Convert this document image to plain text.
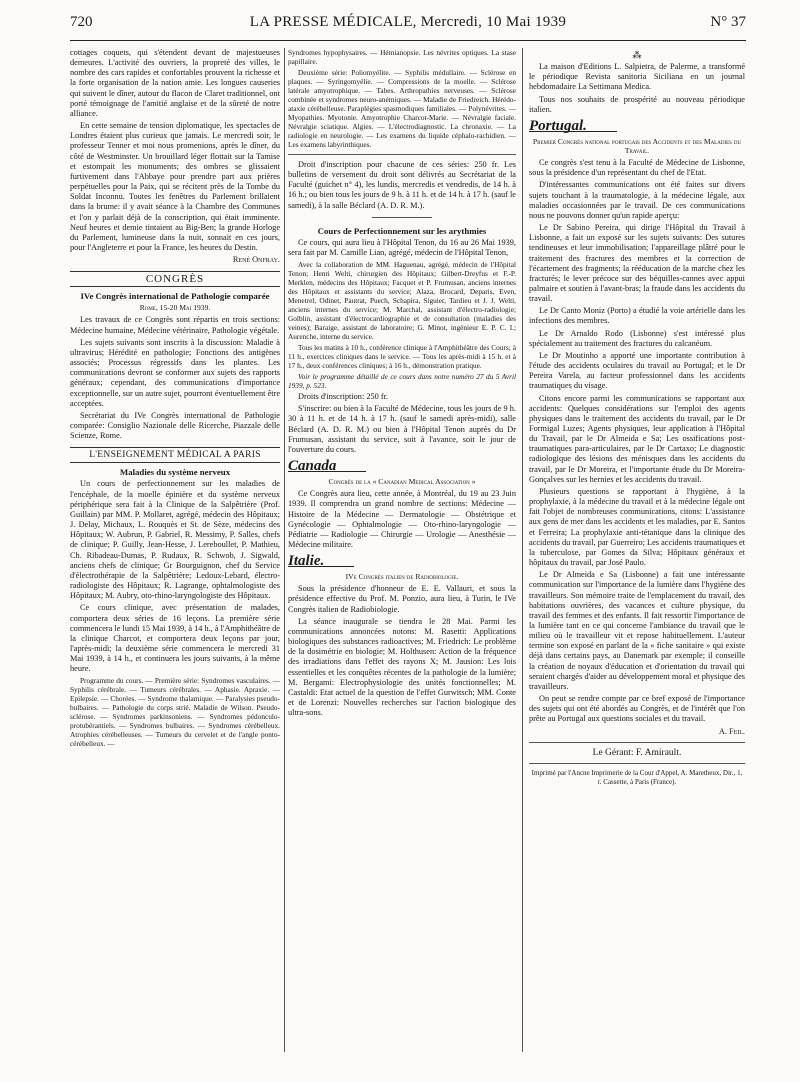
720	LA PRESSE MÉDICALE, Mercredi, 10 Mai 1939	N° 37

cottages coquets, qui s'étendent devant de majestueuses demeures. L'activité des ouvriers, la propreté des villes, le nombre des cars rapides et confortables prouvent la richesse et la forte organisation de la nation amie. Les longues causeries qui suivent le dîner, autour du flacon de Claret traditionnel, ont porté témoignage de l'amitié anglaise et de la sûreté de notre alliance.

En cette semaine de tension diplomatique, les spectacles de Londres étaient plus curieux que jamais. Le mercredi soir, le professeur Tenner et moi nous promenions, après le dîner, du côté de Westminster. Un brouillard léger flottait sur la Tamise et estompait les monuments; des ombres se glissaient furtivement dans l'Abbaye pour prendre part aux prières perpétuelles pour la Paix, qui se récitent près de la Tombe du Soldat Inconnu. Toutes les fenêtres du Parlement brillaient dans la brume: il y avait séance à la Chambre des Communes et l'on y parlait déjà de la conscription, qui était imminente. Neuf heures et demie tintaient au Big-Ben; la grande Horloge du Parlement, lumineuse dans la nuit, sonnait en ces jours, pour l'Angleterre et pour la France, les heures du Destin.

René Onfray.
CONGRÈS
IVe Congrès international de Pathologie comparée
Rome, 15-20 Mai 1939.

Les travaux de ce Congrès sont répartis en trois sections: Médecine humaine, Médecine vétérinaire, Pathologie végétale.

Les sujets suivants sont inscrits à la discussion: Maladie à ultravirus; Hérédité en pathologie; Fonctions des antigènes associés; Processus régressifs dans les plantes. Les communications devront se conformer aux sujets des rapports généraux; cependant, des communications d'importance exceptionnelle, sur un autre sujet, pourront éventuellement être acceptées.

Secrétariat du IVe Congrès international de Pathologie comparée: Consiglio Nazionale delle Ricerche, Piazzale delle Scienze, Rome.

L'ENSEIGNEMENT MÉDICAL A PARIS
Maladies du système nerveux

Un cours de perfectionnement sur les maladies de l'encéphale, de la moelle épinière et du système nerveux périphérique sera fait à la Clinique de la Salpêtrière (Prof. Guillain) par MM. P. Mollaret, agrégé, médecin des Hôpitaux; J. Delay, Michaux, L. Rouquès et St. de Sèze, médecins des Hôpitaux; W. Aubrun, P. Gabriel, R. Messimy, P. Salles, chefs de clinique; P. Guilly, Jean-Hesse, J. Lereboullet, P. Mathieu, Ch. Ribadeau-Dumas, P. Rudaux, R. Schwob, J. Sigwald, anciens chefs de clinique; Gr Bourguignon, chef du Service d'électrothérapie de la Salpêtrière; Ledoux-Lebard, électro-radiologiste des Hôpitaux; R. Lagrange, ophtalmologiste des Hôpitaux; M. Aubry, oto-rhino-laryngologiste des Hôpitaux.

Ce cours clinique, avec présentation de malades, comportera deux séries de 16 leçons. La première série commencera le lundi 15 Mai 1939, à 14 h., à l'Amphithéâtre de la clinique Charcot, et comportera deux leçons par jour, l'après-midi; la deuxième série commencera le mercredi 31 Mai 1939, à 14 h., et continuera les jours suivants, à la même heure.

Programme du cours. — Première série: Syndromes vasculaires. — Syphilis cérébrale. — Tumeurs cérébrales. — Aphasie. Apraxie. — Epilepsie. — Chorées. — Syndrome thalamique. — Paralysies pseudo-bulbaires. — Pathologie du corps strié. Maladie de Wilson. Pseudo-sclérose. — Syndromes parkinsoniens. — Syndromes pédonculo-protubérantiels. — Syndromes bulbaires. — Syndromes cérébelleux. Atrophies cérébelleuses. — Tumeurs du cervelet et de l'angle ponto-cérébelleux. —

Syndromes hypophysaires. — Hémianopsie. Les névrites optiques. La stase papillaire.

Deuxième série: Poliomyélite. — Syphilis médullaire. — Sclérose en plaques. — Syringomyélie. — Compressions de la moelle. — Sclérose latérale amyotrophique. — Tabes. Arthropathies nerveuses. — Sclérose combinée et syndromes neuro-anémiques. — Maladie de Friedreich. Hérédo-ataxie cérébelleuse. Paraplégies spasmodiques familiales. — Polynévrites. — Myopathies. Myotonie. Amyotrophie Charcot-Marie. — Névralgie faciale. Névralgie sciatique. Algies. — L'électrodiagnostic. La chronaxie. — La radiologie en neurologie. — Les examens du liquide céphalo-rachidien. — Les examens labyrinthiques.

Droit d'inscription pour chacune de ces séries: 250 fr. Les bulletins de versement du droit sont délivrés au Secrétariat de la Faculté (guichet n° 4), les lundis, mercredis et vendredis, de 14 h. à 16 h.; ou bien tous les jours de 9 h. à 11 h. et de 14 h. à 17 h. (sauf le samedi), à la salle Béclard (A. D. R. M.).

Cours de Perfectionnement sur les arythmies

Ce cours, qui aura lieu à l'Hôpital Tenon, du 16 au 26 Mai 1939, sera fait par M. Camille Lian, agrégé, médecin de l'Hôpital Tenon,

Avec la collaboration de MM. Haguenau, agrégé, médecin de l'Hôpital Tenon; Henri Welti, chirurgien des Hôpitaux; Gilbert-Dreyfus et F.-P. Merklen, médecins des Hôpitaux; Facquet et P. Frumusan, anciens internes des Hôpitaux et assistants du service; Alaza, Brocard, Deparis, Even, Menetrel, Odinet, Pautrat, Puech, Schapira, Siguier, Tardieu et J. J. Welti, anciens internes du service; M. Marchal, assistant d'électro-radiologie; Golblin, assistant d'électrocardiographie et de consultation (maladies des veines); Baraige, assistant de laboratoire; G. Minot, ingénieur E. P. C. I.; Aurenche, interne du service.

Tous les matins à 10 h., conférence clinique à l'Amphithéâtre des Cours; à 11 h., exercices cliniques dans le service. — Tous les après-midi à 15 h. et à 17 h., deux conférences cliniques; à 16 h., démonstration pratique.

Voir le programme détaillé de ce cours dans notre numéro 27 du 5 Avril 1939, p. 523.

Droits d'inscription: 250 fr.

S'inscrire: ou bien à la Faculté de Médecine, tous les jours de 9 h. 30 à 11 h. et de 14 h. à 17 h. (sauf le samedi après-midi), salle Béclard (A. D. R. M.) ou bien à l'Hôpital Tenon auprès du Dr Frumusan, assistant du service, soit à l'avance, soit le jour de l'ouverture du cours.

Canada
Congrès de la « Canadian Medical Association »

Ce Congrès aura lieu, cette année, à Montréal, du 19 au 23 Juin 1939. Il comprendra un grand nombre de sections: Médecine — Histoire de la Médecine — Dermatologie — Obstétrique et Gynécologie — Ophtalmologie — Oto-rhino-laryngologie — Pédiatrie — Radiologie — Chirurgie — Urologie — Anesthésie — Médecine militaire.

Italie.
IVe Congrès italien de Radiobiologie.

Sous la présidence d'honneur de E. E. Vallauri, et sous la présidence effective du Prof. M. Ponzio, aura lieu, à Turin, le IVe Congrès italien de Radiobiologie.

La séance inaugurale se tiendra le 28 Mai. Parmi les communications annoncées notons: M. Rasetti: Applications biologiques des substances radioactives; M. Friedrich: Le problème de la dosimétrie en biologie; M. Holthusen: Action de la fréquence des irradiations dans l'effet des rayons X; M. Jausion: Les lois essentielles et les conquêtes récentes de la pathologie de la lumière; M. Bergami: Electrophysiologie des unités fonctionnelles; M. Castaldi: Etat actuel de la question de l'effet Gurwitsch; MM. Conte et de Lorenzi: Nouvelles recherches sur l'action biologique des ultra-sons.

⁂

La maison d'Editions L. Salpietra, de Palerme, a transformé le périodique Revista sanitoria Siciliana en un journal hebdomadaire La Settimana Medica.

Tous nos souhaits de prospérité au nouveau périodique italien.

Portugal.
Premier Congrès national portugais des Accidents et des Maladies du Travail.

Ce congrès s'est tenu à la Faculté de Médecine de Lisbonne, sous la présidence d'un représentant du chef de l'Etat.

D'intéressantes communications ont été faites sur divers sujets touchant à la traumatologie, à la médecine légale, aux maladies occasionnées par le travail. De ces communications nous ne pouvons donner qu'un rapide aperçu:

Le Dr Sabino Pereira, qui dirige l'Hôpital du Travail à Lisbonne, a fait un exposé sur les sujets suivants: Des sutures tendineuses et leur immobilisation; l'appareillage plâtré pour le traitement des fractures des membres et la correction de l'écartement des fragments; la rééducation de la marche chez les fracturés; le lever précoce sur des béquilles-cannes avec appui palmaire et soutien à l'avant-bras; la fraude dans les accidents du travail.

Le Dr Canto Moniz (Porto) a étudié la voie artérielle dans les infections des membres.

Le Dr Arnaldo Rodo (Lisbonne) s'est intéressé plus spécialement au traitement des fractures du calcanéum.

Le Dr Moutinho a apporté une importante contribution à l'étude des accidents oculaires du travail au Portugal; et le Dr Pereira Varela, au facteur professionnel dans les accidents traumatiques du visage.

Citons encore parmi les communications se rapportant aux accidents: Quelques considérations sur l'emploi des agents physiques dans le traitement des accidents du travail, par le Dr Formigal Luzes; Agents physiques, leur application à l'Hôpital du Travail, par le Dr Almeida e Sa; Les ossifications post-traumatiques para-articulaires, par le Dr Cartaxo; Le diagnostic radiologique des lésions des ménisques dans les accidents du travail, par le Dr Moreira, et l'importante étude du Dr Moreira-Gonçalves sur les hernies et les accidents du travail.

Plusieurs questions se rapportant à l'hygiène, à la prophylaxie, à la médecine du travail et à la médecine légale ont fait l'objet de nombreuses communications, citons: L'assistance aux gens de mer dans les accidents et les maladies, par E. Santos et Ferreira; La prophylaxie anti-tétanique dans la clinique des accidents du travail, par Guerreiro; Les accidents traumatiques et la tuberculose, par Gomes da Silva; Hôpitaux généraux et hôpitaux du travail, par José Paulo.

Le Dr Almeida e Sa (Lisbonne) a fait une intéressante communication sur l'importance de la lumière dans l'hygiène des travailleurs. Son mémoire traite de l'emplacement du travail, des habitations ouvrières, des vacances et culture physique, du travail des femmes et des enfants. Il fait ressortir l'importance de la lumière tant en ce qui concerne l'ambiance du travail que le milieu où le travailleur vit et repose habituellement. L'auteur termine son exposé en parlant de la « fiche sanitaire » qui existe déjà dans certains pays, au Danemark par exemple; il conseille la création de noyaux d'éducation et d'orientation du travail qui seraient chargés d'aider au développement moral et physique des travailleurs.

On peut se rendre compte par ce bref exposé de l'importance des sujets qui ont été abordés au Congrès, et de l'intérêt que l'on prête au Portugal aux questions sociales et du travail.

A. Feil.
Le Gérant: F. Amirault.
Imprimé par l'Ancne Imprimerie de la Cour d'Appel, A. Maretheux, Dir., 1, r. Cassette, à Paris (France).
